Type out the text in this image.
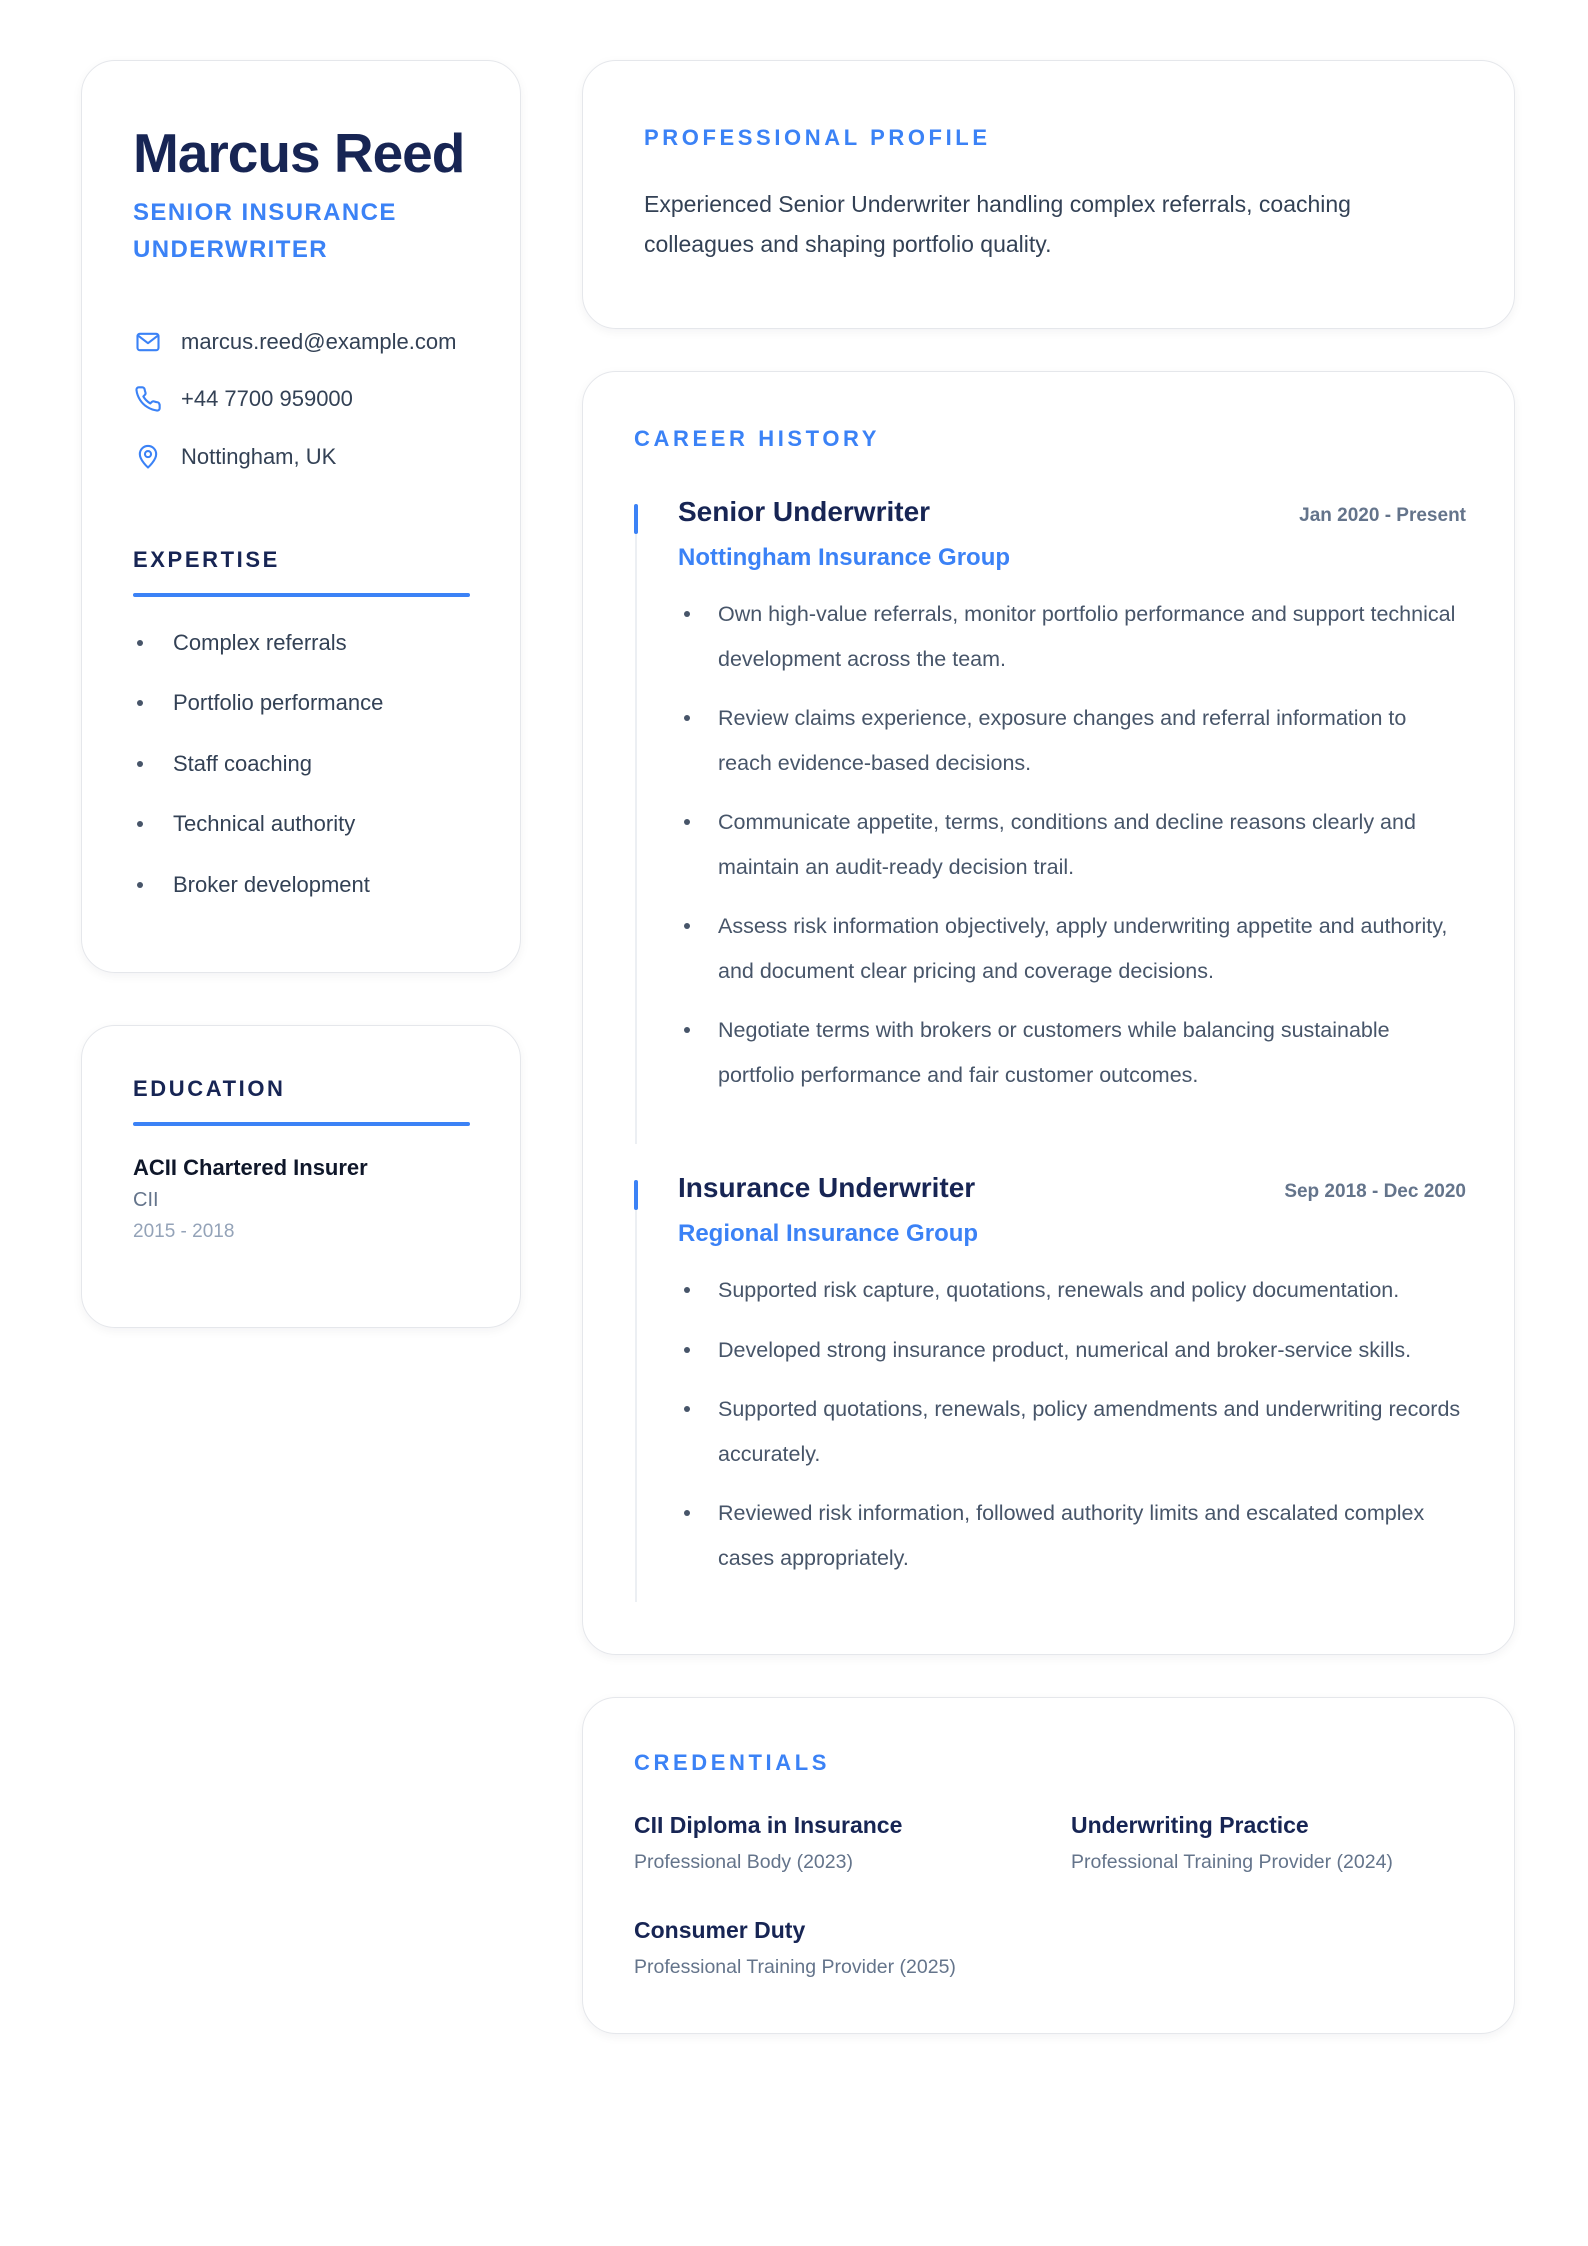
Marcus Reed
SENIOR INSURANCE UNDERWRITER
marcus.reed@example.com
+44 7700 959000
Nottingham, UK
EXPERTISE
Complex referrals
Portfolio performance
Staff coaching
Technical authority
Broker development
EDUCATION
ACII Chartered Insurer
CII
2015 - 2018
PROFESSIONAL PROFILE
Experienced Senior Underwriter handling complex referrals, coaching colleagues and shaping portfolio quality.
CAREER HISTORY
Senior Underwriter	Jan 2020 - Present
Nottingham Insurance Group
Own high-value referrals, monitor portfolio performance and support technical development across the team.
Review claims experience, exposure changes and referral information to reach evidence-based decisions.
Communicate appetite, terms, conditions and decline reasons clearly and maintain an audit-ready decision trail.
Assess risk information objectively, apply underwriting appetite and authority, and document clear pricing and coverage decisions.
Negotiate terms with brokers or customers while balancing sustainable portfolio performance and fair customer outcomes.
Insurance Underwriter	Sep 2018 - Dec 2020
Regional Insurance Group
Supported risk capture, quotations, renewals and policy documentation.
Developed strong insurance product, numerical and broker-service skills.
Supported quotations, renewals, policy amendments and underwriting records accurately.
Reviewed risk information, followed authority limits and escalated complex cases appropriately.
CREDENTIALS
CII Diploma in Insurance
Professional Body (2023)
Underwriting Practice
Professional Training Provider (2024)
Consumer Duty
Professional Training Provider (2025)
